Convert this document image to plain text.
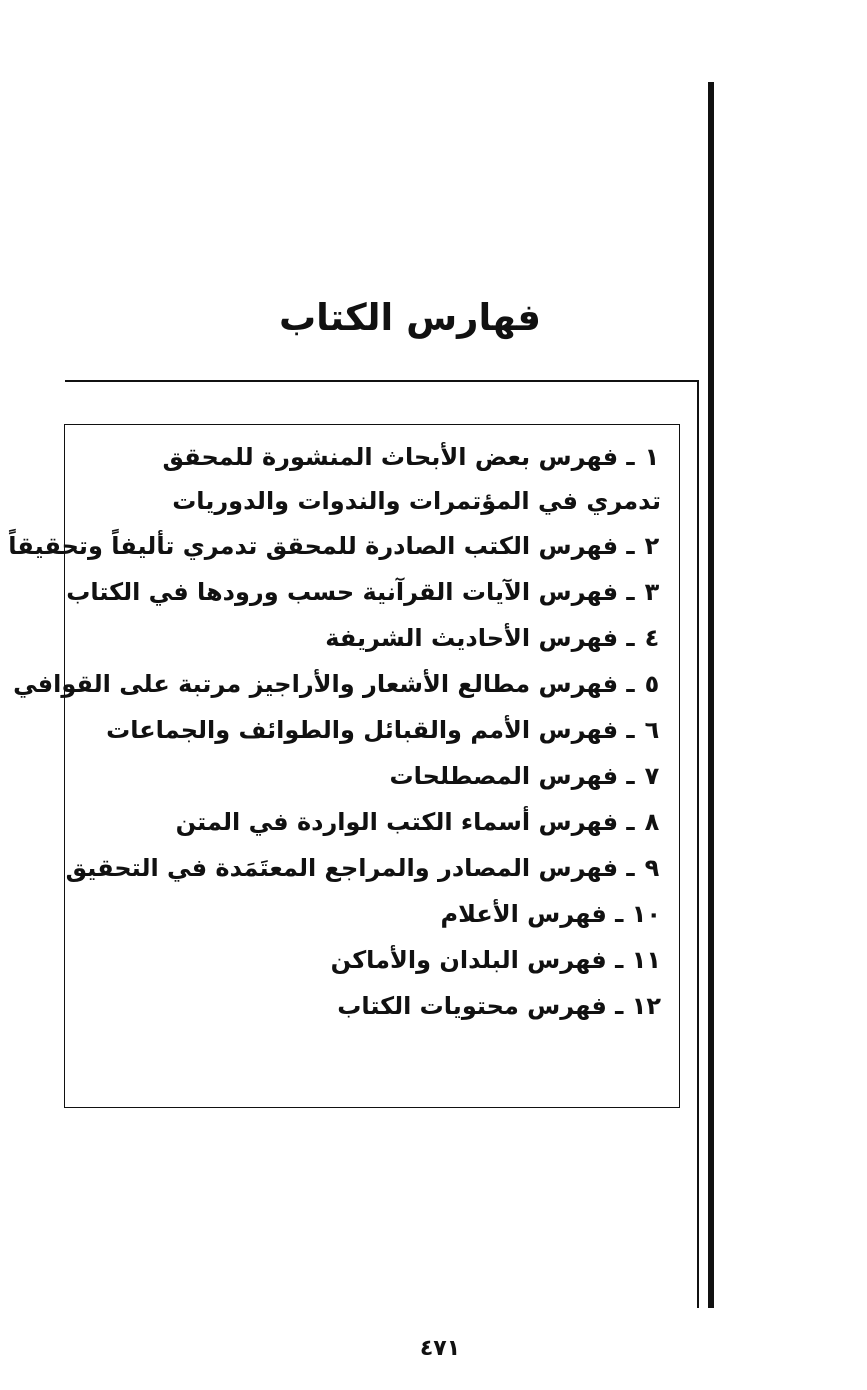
فهارس الكتاب
١ ـ فهرس بعض الأبحاث المنشورة للمحقق تدمري في المؤتمرات والندوات والدوريات
٢ ـ فهرس الكتب الصادرة للمحقق تدمري تأليفاً وتحقيقاً
٣ ـ فهرس الآيات القرآنية حسب ورودها في الكتاب
٤ ـ فهرس الأحاديث الشريفة
٥ ـ فهرس مطالع الأشعار والأراجيز مرتبة على القوافي
٦ ـ فهرس الأمم والقبائل والطوائف والجماعات
٧ ـ فهرس المصطلحات
٨ ـ فهرس أسماء الكتب الواردة في المتن
٩ ـ فهرس المصادر والمراجع المعتَمَدة في التحقيق
١٠ ـ فهرس الأعلام
١١ ـ فهرس البلدان والأماكن
١٢ ـ فهرس محتويات الكتاب
٤٧١
